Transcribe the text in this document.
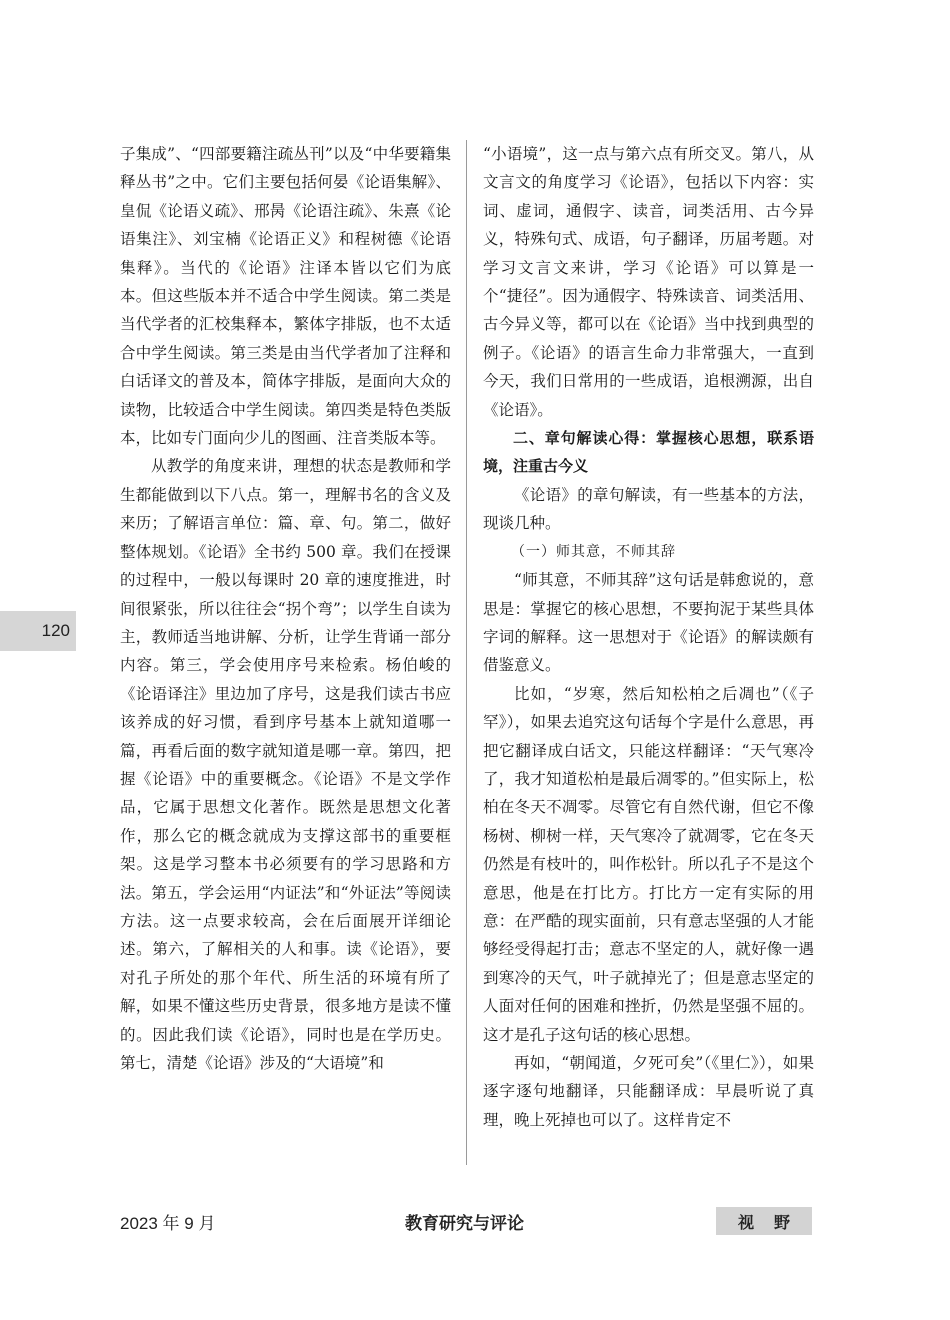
120

子集成”、“四部要籍注疏丛刊”以及“中华要籍集释丛书”之中。它们主要包括何晏《论语集解》、皇侃《论语义疏》、邢昺《论语注疏》、朱熹《论语集注》、刘宝楠《论语正义》和程树德《论语集释》。当代的《论语》注译本皆以它们为底本。但这些版本并不适合中学生阅读。第二类是当代学者的汇校集释本，繁体字排版，也不太适合中学生阅读。第三类是由当代学者加了注释和白话译文的普及本，简体字排版，是面向大众的读物，比较适合中学生阅读。第四类是特色类版本，比如专门面向少儿的图画、注音类版本等。

从教学的角度来讲，理想的状态是教师和学生都能做到以下八点。第一，理解书名的含义及来历；了解语言单位：篇、章、句。第二，做好整体规划。《论语》全书约 500 章。我们在授课的过程中，一般以每课时 20 章的速度推进，时间很紧张，所以往往会“拐个弯”；以学生自读为主，教师适当地讲解、分析，让学生背诵一部分内容。第三，学会使用序号来检索。杨伯峻的《论语译注》里边加了序号，这是我们读古书应该养成的好习惯，看到序号基本上就知道哪一篇，再看后面的数字就知道是哪一章。第四，把握《论语》中的重要概念。《论语》不是文学作品，它属于思想文化著作。既然是思想文化著作，那么它的概念就成为支撑这部书的重要框架。这是学习整本书必须要有的学习思路和方法。第五，学会运用“内证法”和“外证法”等阅读方法。这一点要求较高，会在后面展开详细论述。第六，了解相关的人和事。读《论语》，要对孔子所处的那个年代、所生活的环境有所了解，如果不懂这些历史背景，很多地方是读不懂的。因此我们读《论语》，同时也是在学历史。第七，清楚《论语》涉及的“大语境”和

“小语境”，这一点与第六点有所交叉。第八，从文言文的角度学习《论语》，包括以下内容：实词、虚词，通假字、读音，词类活用、古今异义，特殊句式、成语，句子翻译，历届考题。对学习文言文来讲，学习《论语》可以算是一个“捷径”。因为通假字、特殊读音、词类活用、古今异义等，都可以在《论语》当中找到典型的例子。《论语》的语言生命力非常强大，一直到今天，我们日常用的一些成语，追根溯源，出自《论语》。

二、章句解读心得：掌握核心思想，联系语境，注重古今义

《论语》的章句解读，有一些基本的方法，现谈几种。

（一）师其意，不师其辞

“师其意，不师其辞”这句话是韩愈说的，意思是：掌握它的核心思想，不要拘泥于某些具体字词的解释。这一思想对于《论语》的解读颇有借鉴意义。

比如，“岁寒，然后知松柏之后凋也”（《子罕》），如果去追究这句话每个字是什么意思，再把它翻译成白话文，只能这样翻译：“天气寒冷了，我才知道松柏是最后凋零的。”但实际上，松柏在冬天不凋零。尽管它有自然代谢，但它不像杨树、柳树一样，天气寒冷了就凋零，它在冬天仍然是有枝叶的，叫作松针。所以孔子不是这个意思，他是在打比方。打比方一定有实际的用意：在严酷的现实面前，只有意志坚强的人才能够经受得起打击；意志不坚定的人，就好像一遇到寒冷的天气，叶子就掉光了；但是意志坚定的人面对任何的困难和挫折，仍然是坚强不屈的。这才是孔子这句话的核心思想。

再如，“朝闻道，夕死可矣”（《里仁》），如果逐字逐句地翻译，只能翻译成：早晨听说了真理，晚上死掉也可以了。这样肯定不

2023 年 9 月	教育研究与评论	视野
